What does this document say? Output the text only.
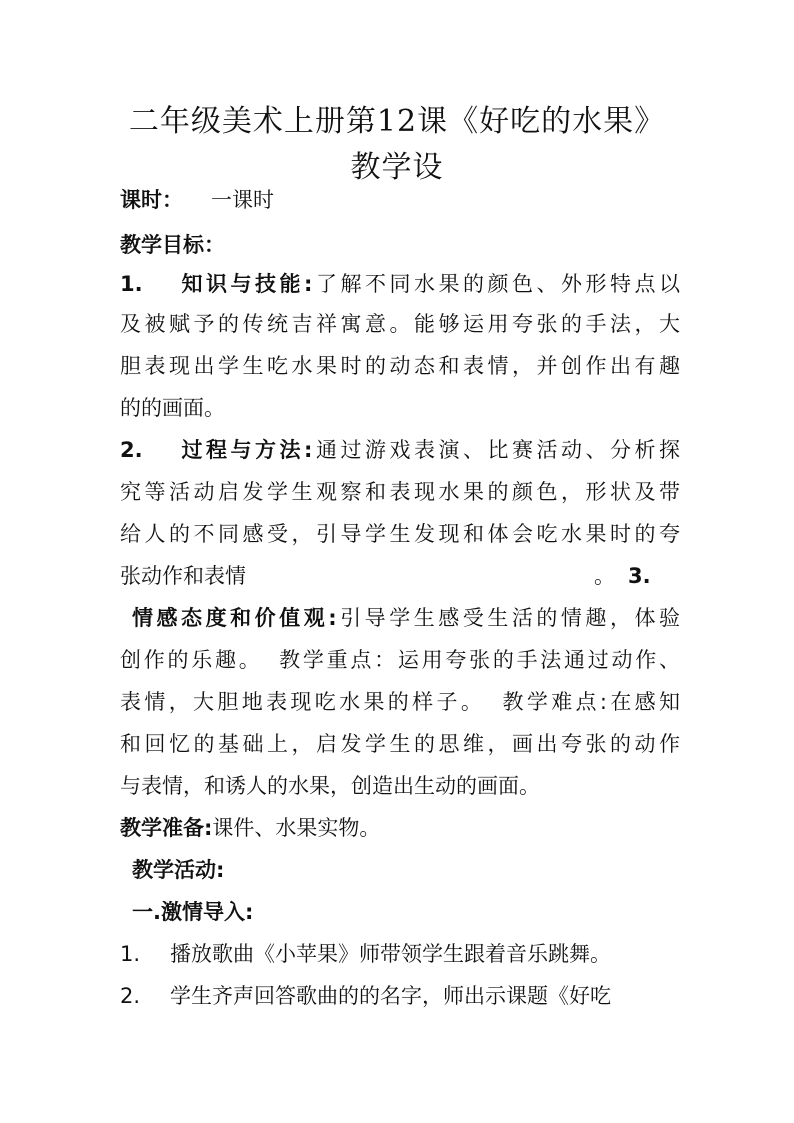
二年级美术上册第12课《好吃的水果》
教学设
课时： 一课时
教学目标：
1. 知识与技能:了解不同水果的颜色、外形特点以
及被赋予的传统吉祥寓意。能够运用夸张的手法，大
胆表现出学生吃水果时的动态和表情，并创作出有趣
的的画面。
2. 过程与方法:通过游戏表演、比赛活动、分析探
究等活动启发学生观察和表现水果的颜色，形状及带
给人的不同感受，引导学生发现和体会吃水果时的夸
张动作和表情	。 3.
情感态度和价值观:引导学生感受生活的情趣，体验
创作的乐趣。 教学重点：运用夸张的手法通过动作、
表情，大胆地表现吃水果的样子。 教学难点:在感知
和回忆的基础上，启发学生的思维，画出夸张的动作
与表情，和诱人的水果，创造出生动的画面。
教学准备:课件、水果实物。
教学活动:
一.激情导入:
1. 播放歌曲《小苹果》师带领学生跟着音乐跳舞。
2. 学生齐声回答歌曲的的名字，师出示课题《好吃
